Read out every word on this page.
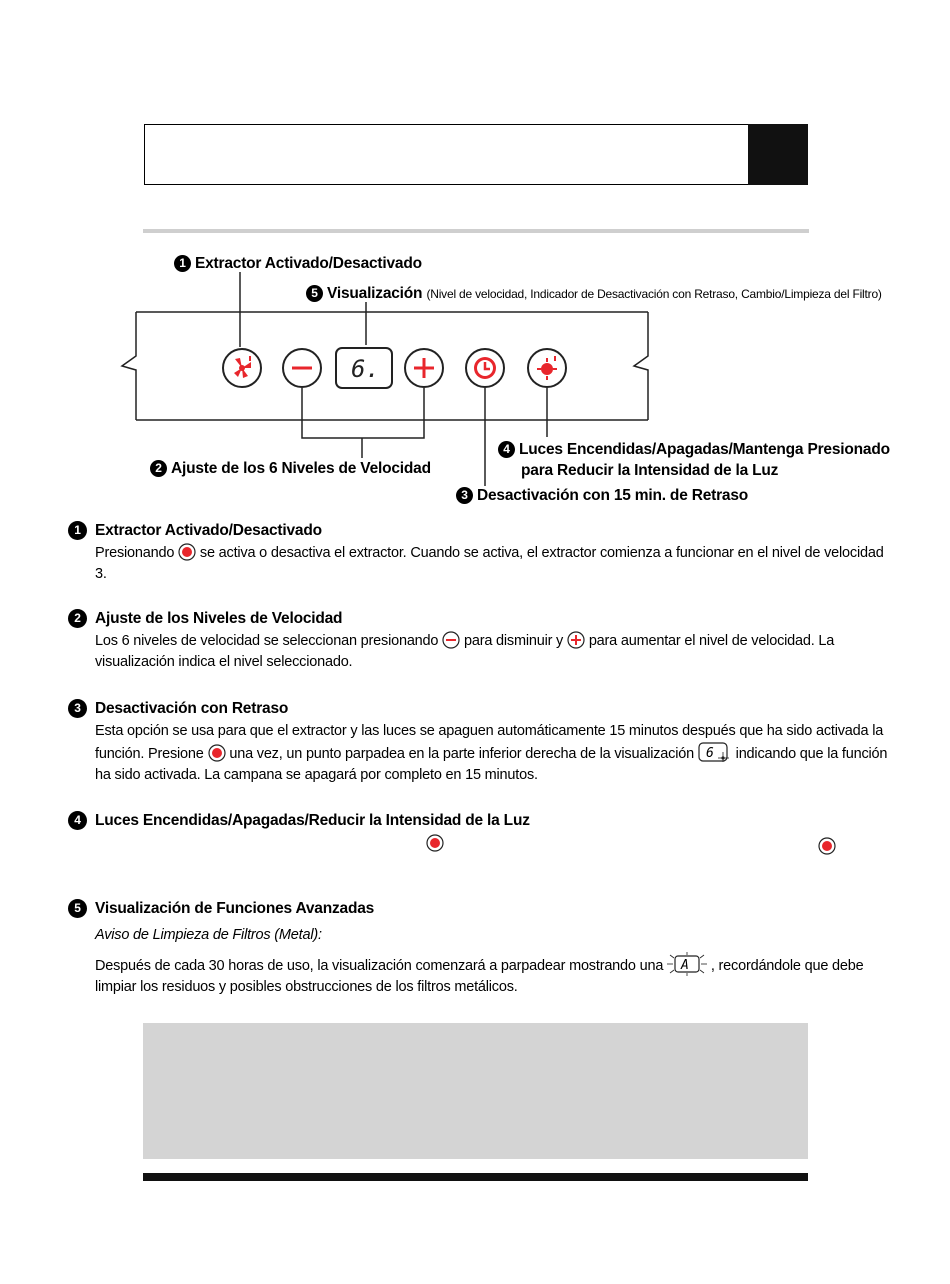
6.
1 Extractor Activado/Desactivado
5 Visualización (Nivel de velocidad, Indicador de Desactivación con Retraso, Cambio/Limpieza del Filtro)
2 Ajuste de los 6 Niveles de Velocidad
4 Luces Encendidas/Apagadas/Mantenga Presionado
para Reducir la Intensidad de la Luz
3 Desactivación con 15 min. de Retraso
1 Extractor Activado/Desactivado
Presionando se activa o desactiva el extractor. Cuando se activa, el extractor comienza a funcionar en el nivel de velocidad 3.
2 Ajuste de los Niveles de Velocidad
Los 6 niveles de velocidad se seleccionan presionando para disminuir y para aumentar el nivel de velocidad. La visualización indica el nivel seleccionado.
3 Desactivación con Retraso
Esta opción se usa para que el extractor y las luces se apaguen automáticamente 15 minutos después que ha sido activada la función. Presione una vez, un punto parpadea en la parte inferior derecha de la visualización 6 indicando que la función ha sido activada. La campana se apagará por completo en 15 minutos.
4 Luces Encendidas/Apagadas/Reducir la Intensidad de la Luz
5 Visualización de Funciones Avanzadas
Aviso de Limpieza de Filtros (Metal):
Después de cada 30 horas de uso, la visualización comenzará a parpadear mostrando una A , recordándole que debe limpiar los residuos y posibles obstrucciones de los filtros metálicos.
